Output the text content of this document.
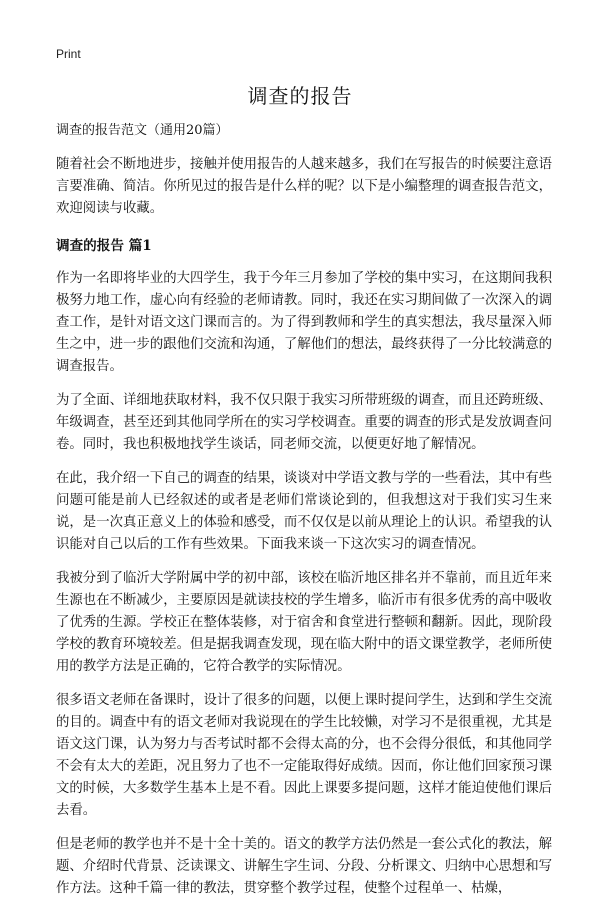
Print
调查的报告
调查的报告范文（通用20篇）

随着社会不断地进步，接触并使用报告的人越来越多，我们在写报告的时候要注意语言要准确、简洁。你所见过的报告是什么样的呢？以下是小编整理的调查报告范文，欢迎阅读与收藏。

调查的报告 篇1

作为一名即将毕业的大四学生，我于今年三月参加了学校的集中实习，在这期间我积极努力地工作，虚心向有经验的老师请教。同时，我还在实习期间做了一次深入的调查工作，是针对语文这门课而言的。为了得到教师和学生的真实想法，我尽量深入师生之中，进一步的跟他们交流和沟通，了解他们的想法，最终获得了一分比较满意的调查报告。

为了全面、详细地获取材料，我不仅只限于我实习所带班级的调查，而且还跨班级、年级调查，甚至还到其他同学所在的实习学校调查。重要的调查的形式是发放调查问卷。同时，我也积极地找学生谈话，同老师交流，以便更好地了解情况。

在此，我介绍一下自己的调查的结果，谈谈对中学语文教与学的一些看法，其中有些问题可能是前人已经叙述的或者是老师们常谈论到的，但我想这对于我们实习生来说，是一次真正意义上的体验和感受，而不仅仅是以前从理论上的认识。希望我的认识能对自己以后的工作有些效果。下面我来谈一下这次实习的调查情况。

我被分到了临沂大学附属中学的初中部，该校在临沂地区排名并不靠前，而且近年来生源也在不断减少，主要原因是就读技校的学生增多，临沂市有很多优秀的高中吸收了优秀的生源。学校正在整体装修，对于宿舍和食堂进行整顿和翻新。因此，现阶段学校的教育环境较差。但是据我调查发现，现在临大附中的语文课堂教学，老师所使用的教学方法是正确的，它符合教学的实际情况。

很多语文老师在备课时，设计了很多的问题，以便上课时提问学生，达到和学生交流的目的。调查中有的语文老师对我说现在的学生比较懒，对学习不是很重视，尤其是语文这门课，认为努力与否考试时都不会得太高的分，也不会得分很低，和其他同学不会有太大的差距，况且努力了也不一定能取得好成绩。因而，你让他们回家预习课文的时候，大多数学生基本上是不看。因此上课要多提问题，这样才能迫使他们课后去看。

但是老师的教学也并不是十全十美的。语文的教学方法仍然是一套公式化的教法，解题、介绍时代背景、泛读课文、讲解生字生词、分段、分析课文、归纳中心思想和写作方法。这种千篇一律的教法，贯穿整个教学过程，使整个过程单一、枯燥，
